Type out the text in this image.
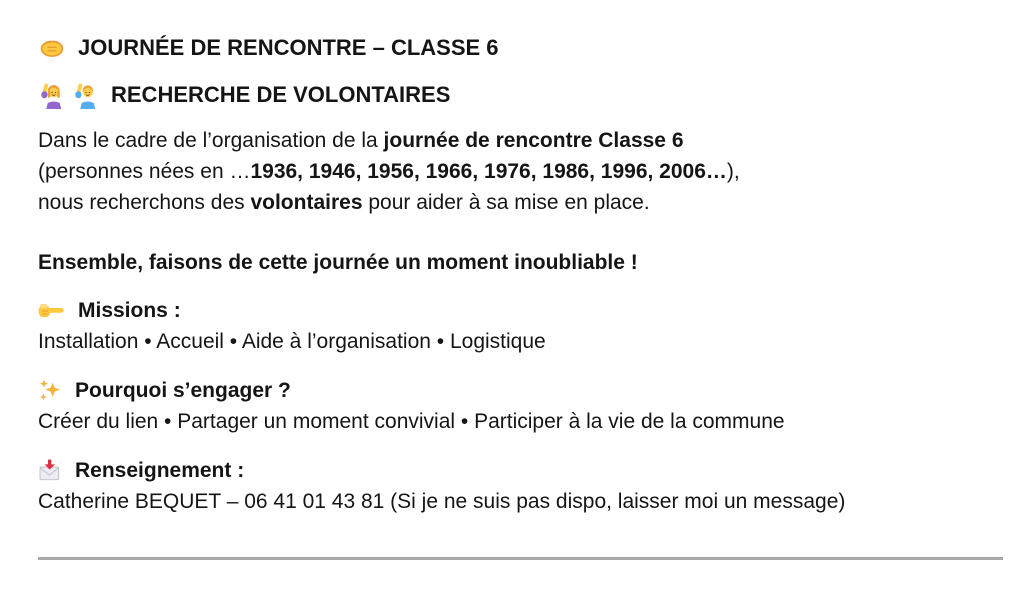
JOURNÉE DE RENCONTRE – CLASSE 6
RECHERCHE DE VOLONTAIRES

Dans le cadre de l’organisation de la journée de rencontre Classe 6
(personnes nées en …1936, 1946, 1956, 1966, 1976, 1986, 1996, 2006…),
nous recherchons des volontaires pour aider à sa mise en place.

Ensemble, faisons de cette journée un moment inoubliable !

Missions :

Installation • Accueil • Aide à l’organisation • Logistique

Pourquoi s’engager ?

Créer du lien • Partager un moment convivial • Participer à la vie de la commune

Renseignement :

Catherine BEQUET – 06 41 01 43 81 (Si je ne suis pas dispo, laisser moi un message)
